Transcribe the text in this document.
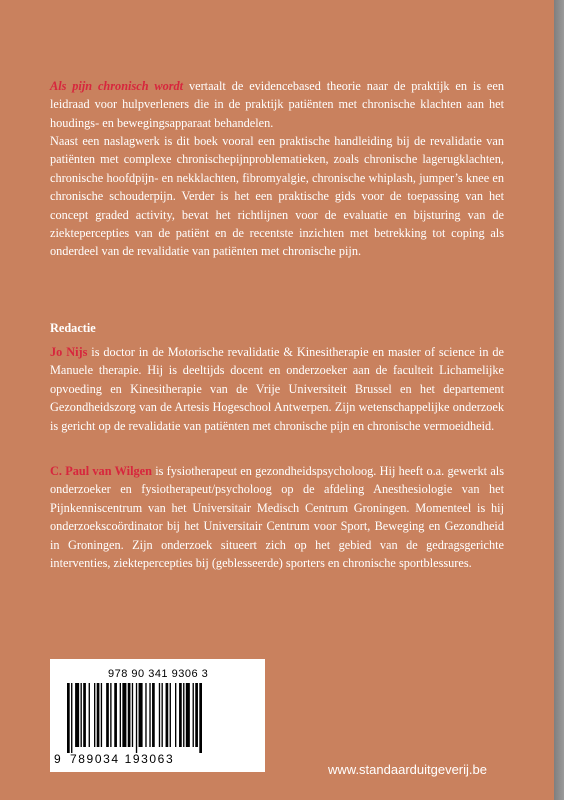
Als pijn chronisch wordt vertaalt de evidencebased theorie naar de praktijk en is een leidraad voor hulpverleners die in de praktijk patiënten met chronische klachten aan het houdings- en bewegingsapparaat behandelen.
Naast een naslagwerk is dit boek vooral een praktische handleiding bij de revalidatie van patiënten met complexe chronischepijnproblematieken, zoals chronische lagerugklachten, chronische hoofdpijn- en nekklachten, fibromyalgie, chronische whiplash, jumper’s knee en chronische schouderpijn. Verder is het een praktische gids voor de toepassing van het concept graded activity, bevat het richtlijnen voor de evaluatie en bijsturing van de ziektepercepties van de patiënt en de recentste inzichten met betrekking tot coping als onderdeel van de revalidatie van patiënten met chronische pijn.
Redactie
Jo Nijs is doctor in de Motorische revalidatie & Kinesitherapie en master of science in de Manuele therapie. Hij is deeltijds docent en onderzoeker aan de faculteit Lichamelijke opvoeding en Kinesitherapie van de Vrije Universiteit Brussel en het departement Gezondheidszorg van de Artesis Hogeschool Antwerpen. Zijn wetenschappelijke onderzoek is gericht op de revalidatie van patiënten met chronische pijn en chronische vermoeidheid.
C. Paul van Wilgen is fysiotherapeut en gezondheidspsycholoog. Hij heeft o.a. gewerkt als onderzoeker en fysiotherapeut/psycholoog op de afdeling Anesthesiologie van het Pijnkenniscentrum van het Universitair Medisch Centrum Groningen. Momenteel is hij onderzoekscoördinator bij het Universitair Centrum voor Sport, Beweging en Gezondheid in Groningen. Zijn onderzoek situeert zich op het gebied van de gedragsgerichte interventies, ziektepercepties bij (geblesseerde) sporters en chronische sportblessures.
978 90 341 9306 3
9 789034 193063
www.standaarduitgeverij.be
